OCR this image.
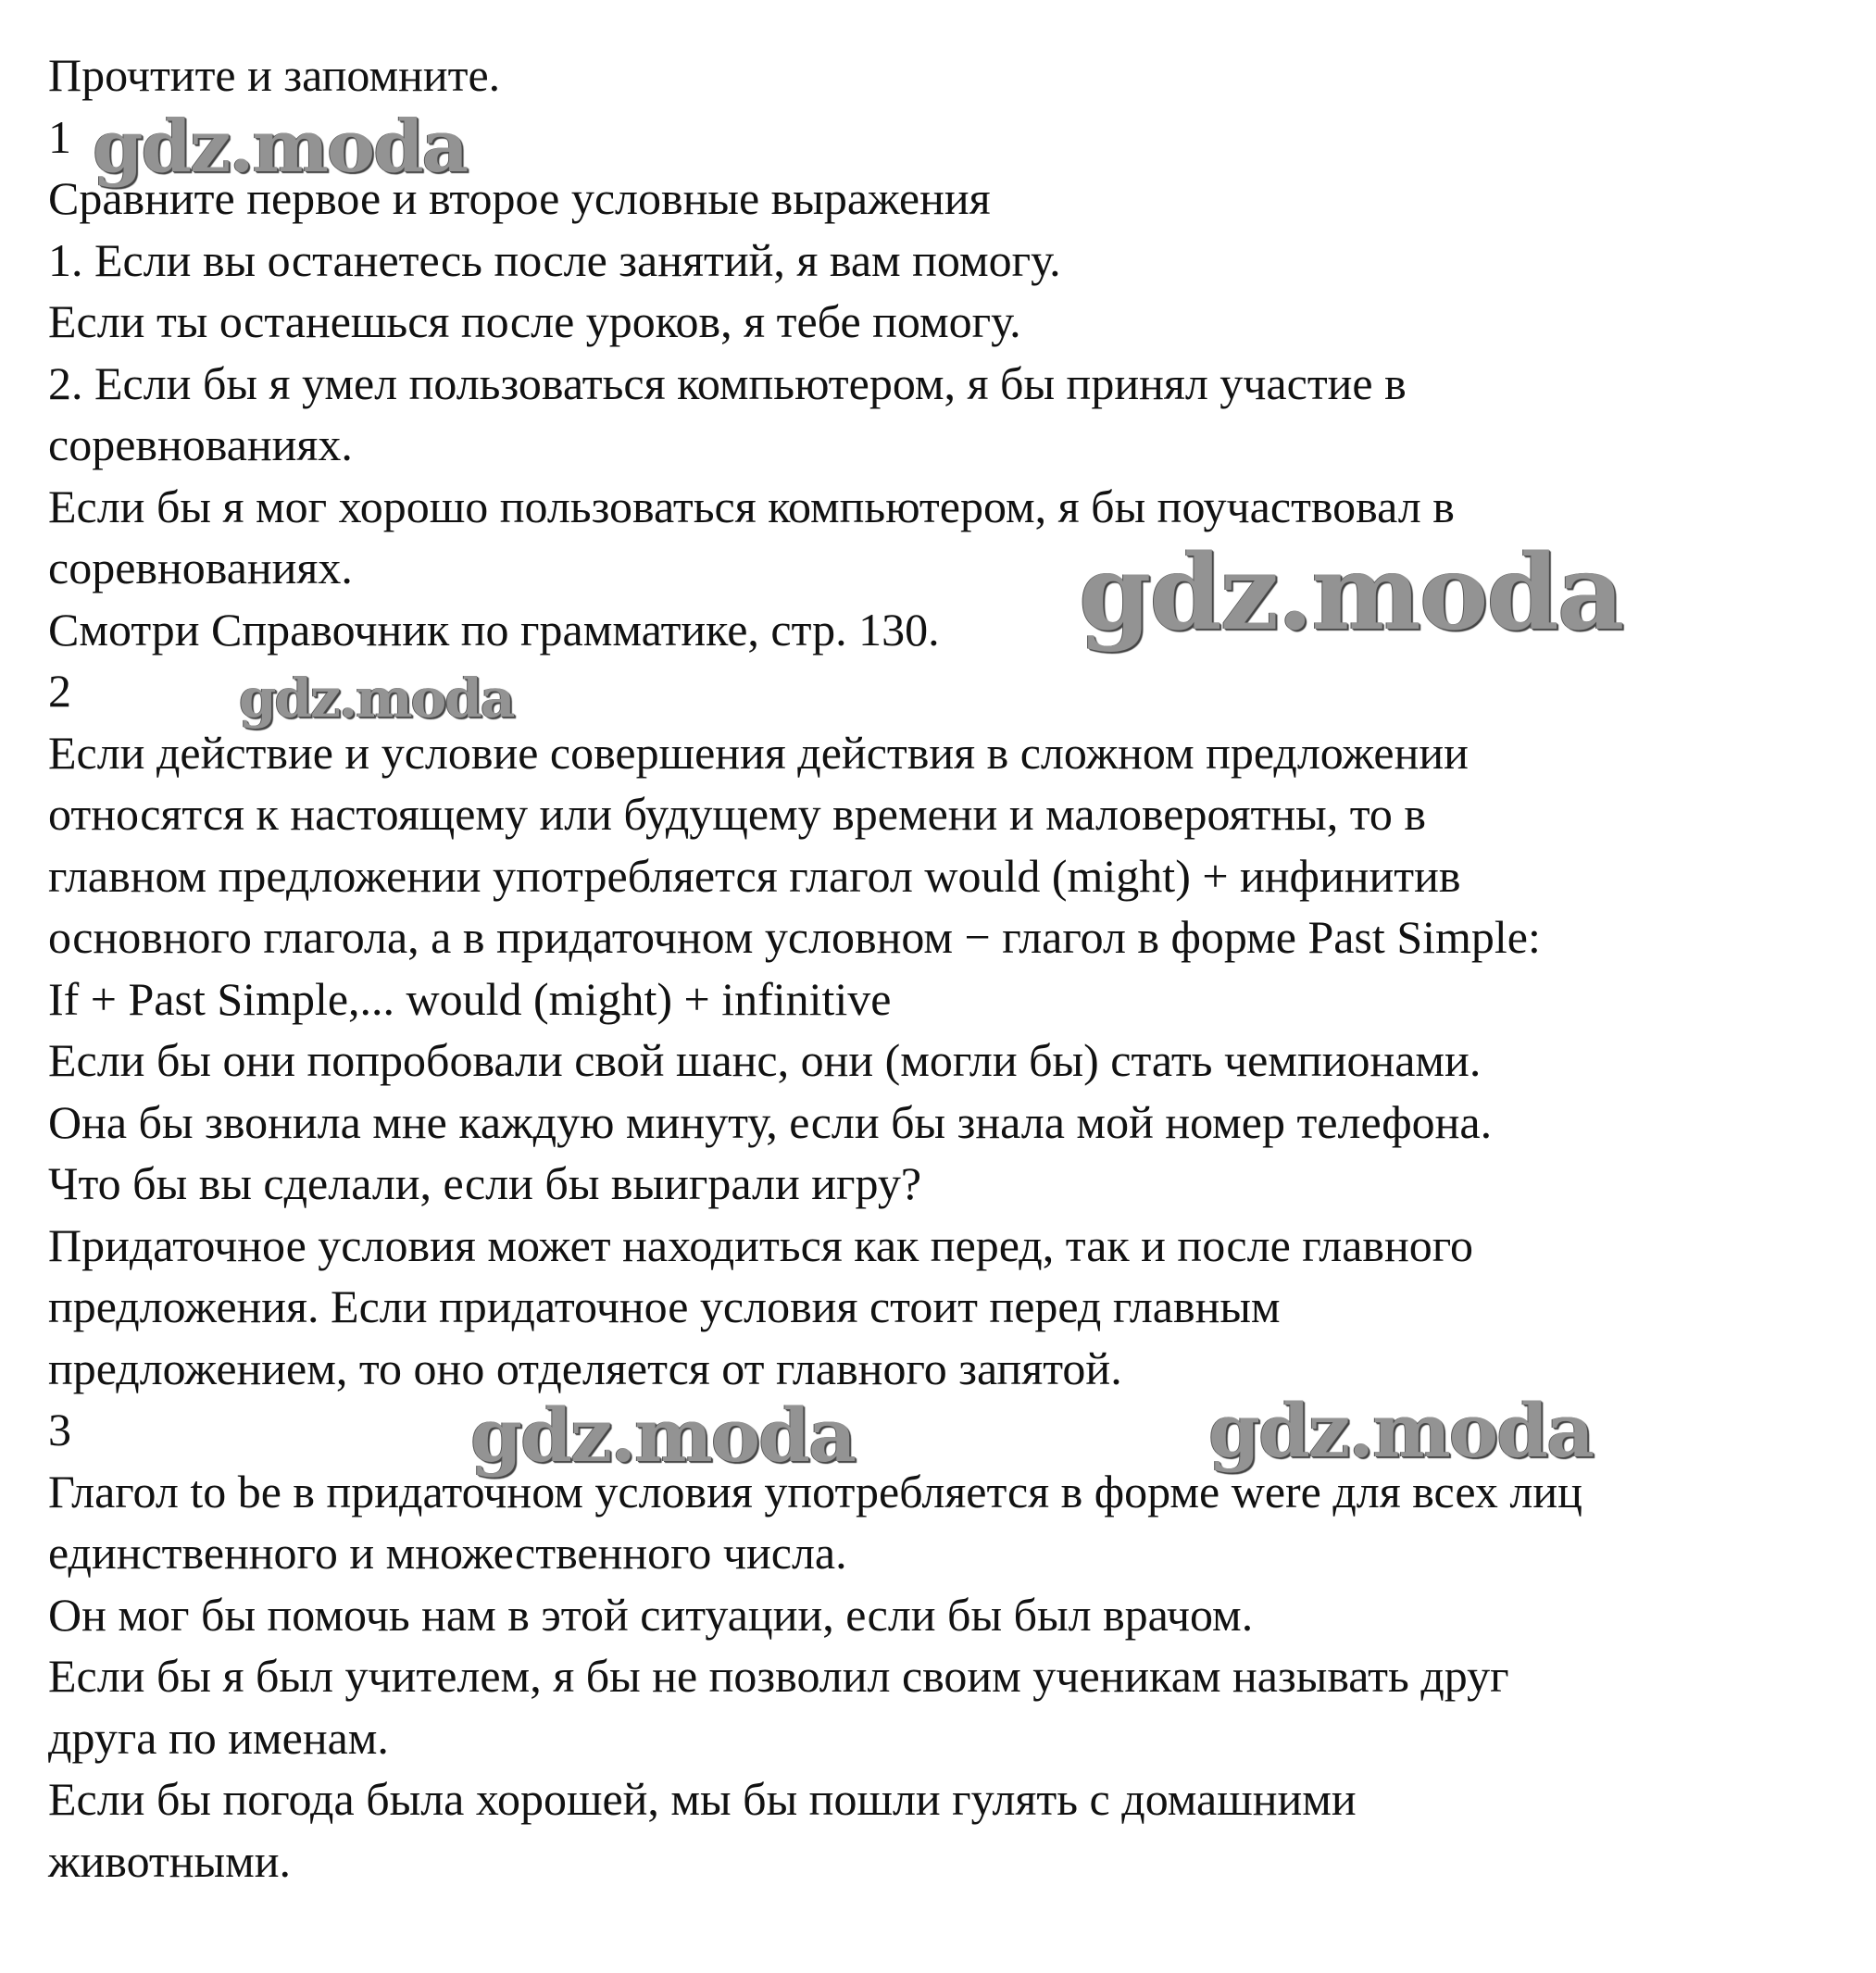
Прочтите и запомните.
1
Сравните первое и второе условные выражения
1. Если вы останетесь после занятий, я вам помогу.
Если ты останешься после уроков, я тебе помогу.
2. Если бы я умел пользоваться компьютером, я бы принял участие в
соревнованиях.
Если бы я мог хорошо пользоваться компьютером, я бы поучаствовал в
соревнованиях.
Смотри Справочник по грамматике, стр. 130.
2
Если действие и условие совершения действия в сложном предложении
относятся к настоящему или будущему времени и маловероятны, то в
главном предложении употребляется глагол would (might) + инфинитив
основного глагола, а в придаточном условном − глагол в форме Past Simple:
If + Past Simple,... would (might) + infinitive
Если бы они попробовали свой шанс, они (могли бы) стать чемпионами.
Она бы звонила мне каждую минуту, если бы знала мой номер телефона.
Что бы вы сделали, если бы выиграли игру?
Придаточное условия может находиться как перед, так и после главного
предложения. Если придаточное условия стоит перед главным
предложением, то оно отделяется от главного запятой.
3
Глагол to be в придаточном условия употребляется в форме were для всех лиц
единственного и множественного числа.
Он мог бы помочь нам в этой ситуации, если бы был врачом.
Если бы я был учителем, я бы не позволил своим ученикам называть друг
друга по именам.
Если бы погода была хорошей, мы бы пошли гулять с домашними
животными.
gdz.moda
gdz.moda
gdz.moda
gdz.moda	gdz.moda
